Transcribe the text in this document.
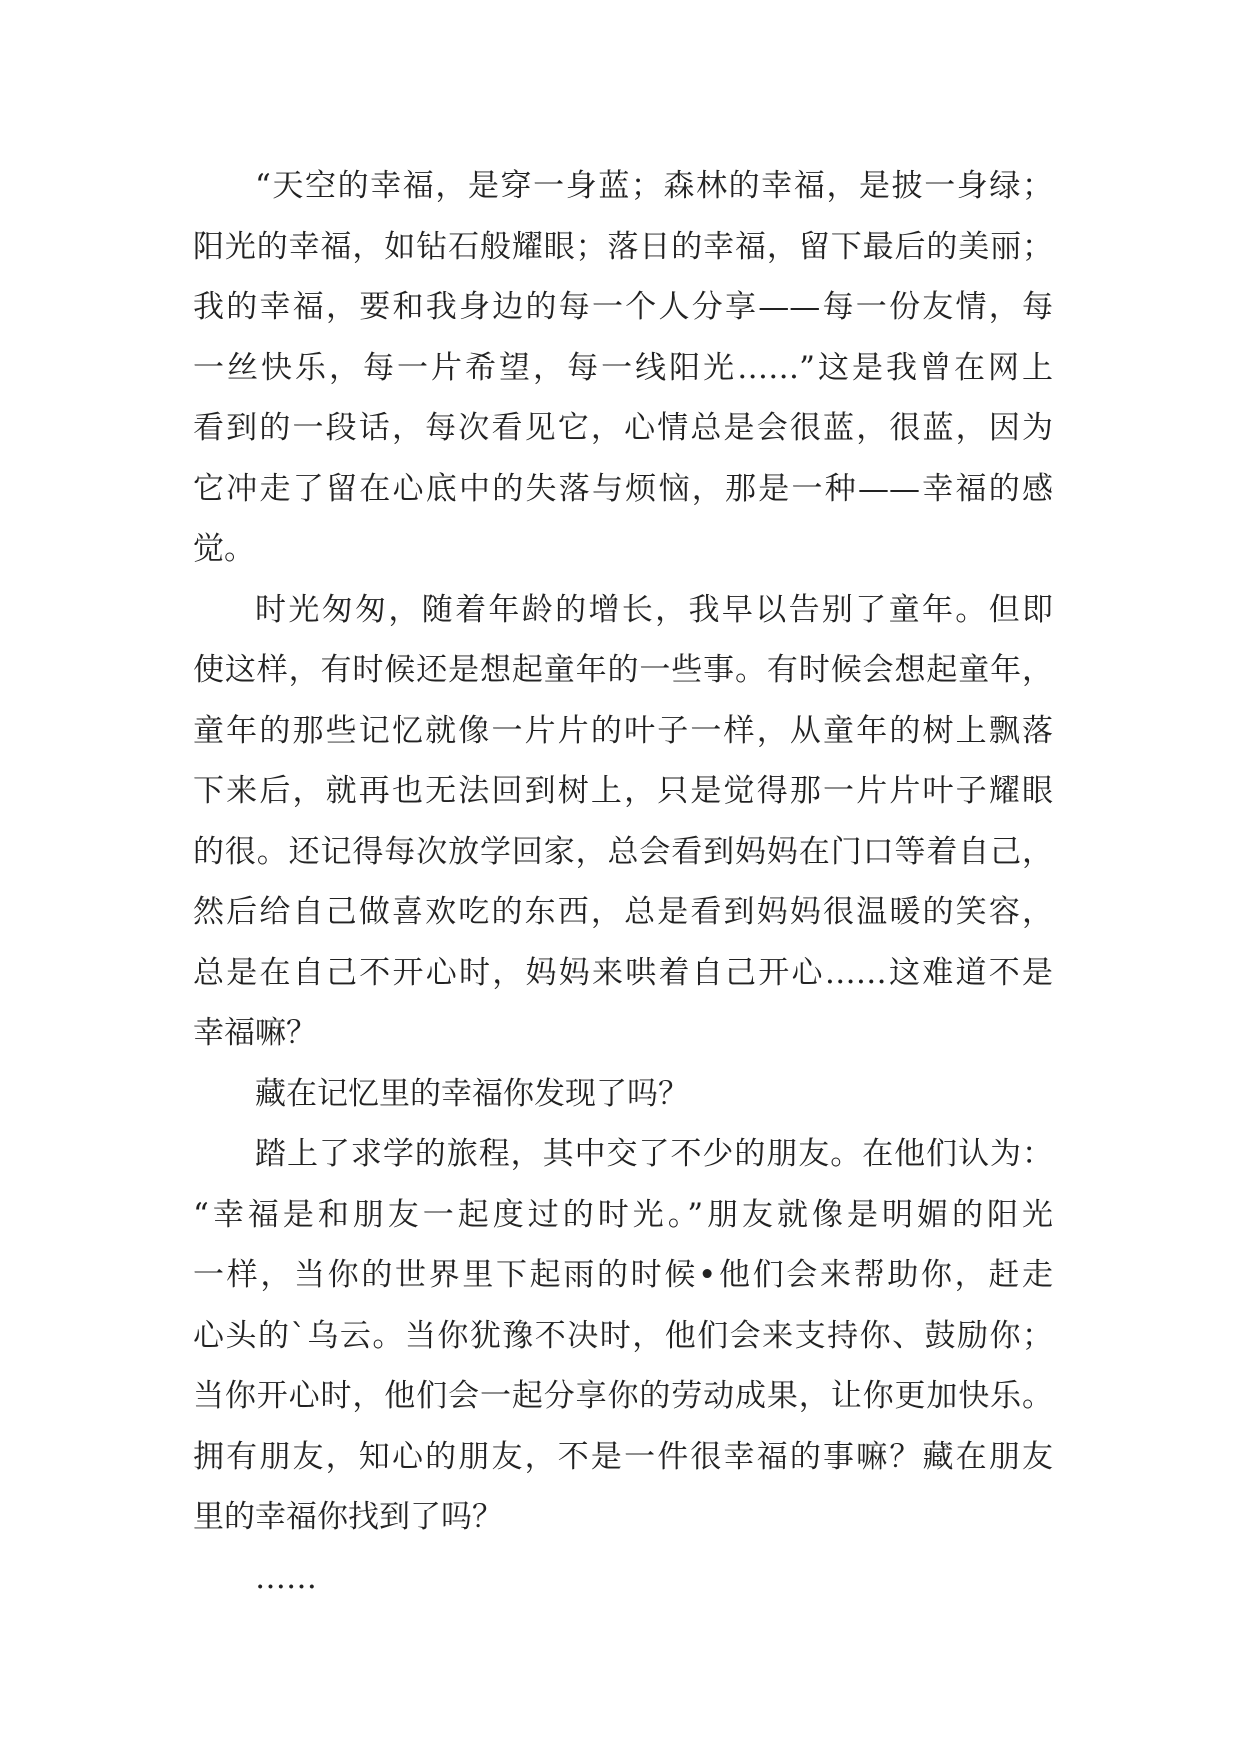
“天空的幸福，是穿一身蓝；森林的幸福，是披一身绿；
阳光的幸福，如钻石般耀眼；落日的幸福，留下最后的美丽；
我的幸福，要和我身边的每一个人分享——每一份友情，每
一丝快乐，每一片希望，每一线阳光……”这是我曾在网上
看到的一段话，每次看见它，心情总是会很蓝，很蓝，因为
它冲走了留在心底中的失落与烦恼，那是一种——幸福的感
觉。
时光匆匆，随着年龄的增长，我早以告别了童年。但即
使这样，有时候还是想起童年的一些事。有时候会想起童年，
童年的那些记忆就像一片片的叶子一样，从童年的树上飘落
下来后，就再也无法回到树上，只是觉得那一片片叶子耀眼
的很。还记得每次放学回家，总会看到妈妈在门口等着自己，
然后给自己做喜欢吃的东西，总是看到妈妈很温暖的笑容，
总是在自己不开心时，妈妈来哄着自己开心……这难道不是
幸福嘛？
藏在记忆里的幸福你发现了吗？
踏上了求学的旅程，其中交了不少的朋友。在他们认为：
“幸福是和朋友一起度过的时光。”朋友就像是明媚的阳光
一样，当你的世界里下起雨的时候•他们会来帮助你，赶走
心头的`乌云。当你犹豫不决时，他们会来支持你、鼓励你；
当你开心时，他们会一起分享你的劳动成果，让你更加快乐。
拥有朋友，知心的朋友，不是一件很幸福的事嘛？藏在朋友
里的幸福你找到了吗？
……
